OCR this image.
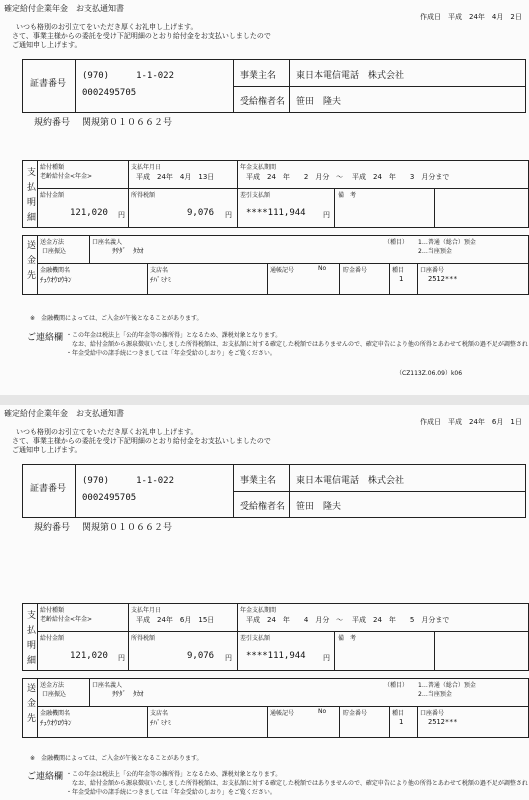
確定給付企業年金　お支払通知書
作成日　平成　24年　4月　2日
いつも格別のお引立てをいただき厚くお礼申し上げます。
さて、事業主様からの委託を受け下記明細のとおり給付金をお支払いしましたので
ご通知申し上げます。
証書番号
(970)　　　1-1-022
0002495705
事業主名 東日本電信電話　株式会社
受給権者名 笹田　隆夫
規約番号 関規第０１０６６２号
支払明細 給付種類
老齢給付金<年金>
支払年月日
平成　24年　4月　13日
年金支払期間
平成　24　年　　2　月分 ～ 平成　24　年　　3　月分まで
給付金額
121,020 円
所得税額
9,076 円
差引支払額
****111,944 円
備　考
送金先 送金方法
口座振込
口座名義人
ｻｻﾀﾞ　ﾀｶｵ
（種目） 1…普通（総合）預金
2…当座預金
金融機関名
ﾁｭｳｵｳﾛｳｷﾝ
支店名
ﾁﾊﾞﾐﾅﾐ
通帳記号	No	貯金番号	種目
1
口座番号
2512***
※　金融機関によっては、ご入金が午後となることがあります。
ご連絡欄 ・この年金は税法上「公的年金等の雑所得」となるため、課税対象となります。
なお、給付金額から源泉徴収いたしました所得税額は、お支払額に対する確定した税額ではありませんので、確定申告により他の所得とあわせて税額の過不足が調整され
・年金受給中の諸手続につきましては「年金受給のしおり」をご覧ください。
（CZ113Z.06.09）k06
確定給付企業年金　お支払通知書
作成日　平成　24年　6月　1日
いつも格別のお引立てをいただき厚くお礼申し上げます。
さて、事業主様からの委託を受け下記明細のとおり給付金をお支払いしましたので
ご通知申し上げます。
証書番号
(970)　　　1-1-022
0002495705
事業主名 東日本電信電話　株式会社
受給権者名 笹田　隆夫
規約番号 関規第０１０６６２号
支払明細 給付種類
老齢給付金<年金>
支払年月日
平成　24年　6月　15日
年金支払期間
平成　24　年　　4　月分 ～ 平成　24　年　　5　月分まで
給付金額
121,020 円
所得税額
9,076 円
差引支払額
****111,944 円
備　考
送金先 送金方法
口座振込
口座名義人
ｻｻﾀﾞ　ﾀｶｵ
（種目） 1…普通（総合）預金
2…当座預金
金融機関名
ﾁｭｳｵｳﾛｳｷﾝ
支店名
ﾁﾊﾞﾐﾅﾐ
通帳記号	No	貯金番号	種目
1
口座番号
2512***
※　金融機関によっては、ご入金が午後となることがあります。
ご連絡欄 ・この年金は税法上「公的年金等の雑所得」となるため、課税対象となります。
なお、給付金額から源泉徴収いたしました所得税額は、お支払額に対する確定した税額ではありませんので、確定申告により他の所得とあわせて税額の過不足が調整され
・年金受給中の諸手続につきましては「年金受給のしおり」をご覧ください。
